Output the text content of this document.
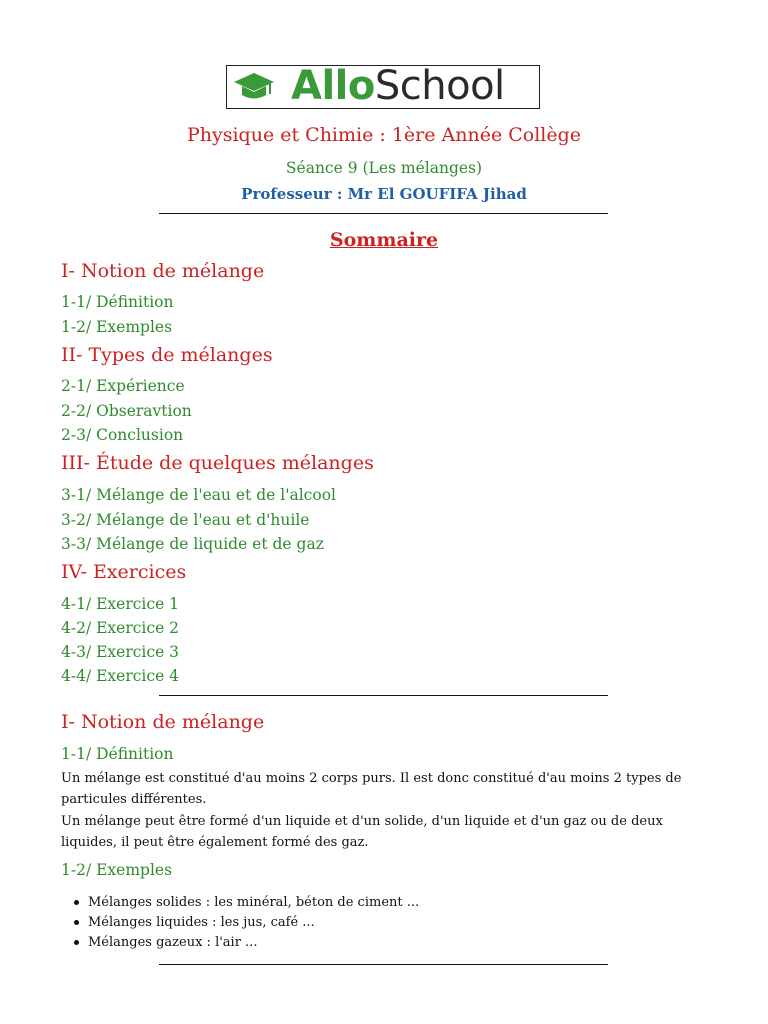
AlloSchool
Physique et Chimie : 1ère Année Collège
Séance 9 (Les mélanges)
Professeur : Mr El GOUFIFA Jihad
Sommaire
I- Notion de mélange
1-1/ Définition
1-2/ Exemples
II- Types de mélanges
2-1/ Expérience
2-2/ Obseravtion
2-3/ Conclusion
III- Étude de quelques mélanges
3-1/ Mélange de l'eau et de l'alcool
3-2/ Mélange de l'eau et d'huile
3-3/ Mélange de liquide et de gaz
IV- Exercices
4-1/ Exercice 1
4-2/ Exercice 2
4-3/ Exercice 3
4-4/ Exercice 4
I- Notion de mélange
1-1/ Définition
Un mélange est constitué d'au moins 2 corps purs. Il est donc constitué d'au moins 2 types de particules différentes.
Un mélange peut être formé d'un liquide et d'un solide, d'un liquide et d'un gaz ou de deux liquides, il peut être également formé des gaz.
1-2/ Exemples
Mélanges solides : les minéral, béton de ciment ...
Mélanges liquides : les jus, café ...
Mélanges gazeux : l'air ...
